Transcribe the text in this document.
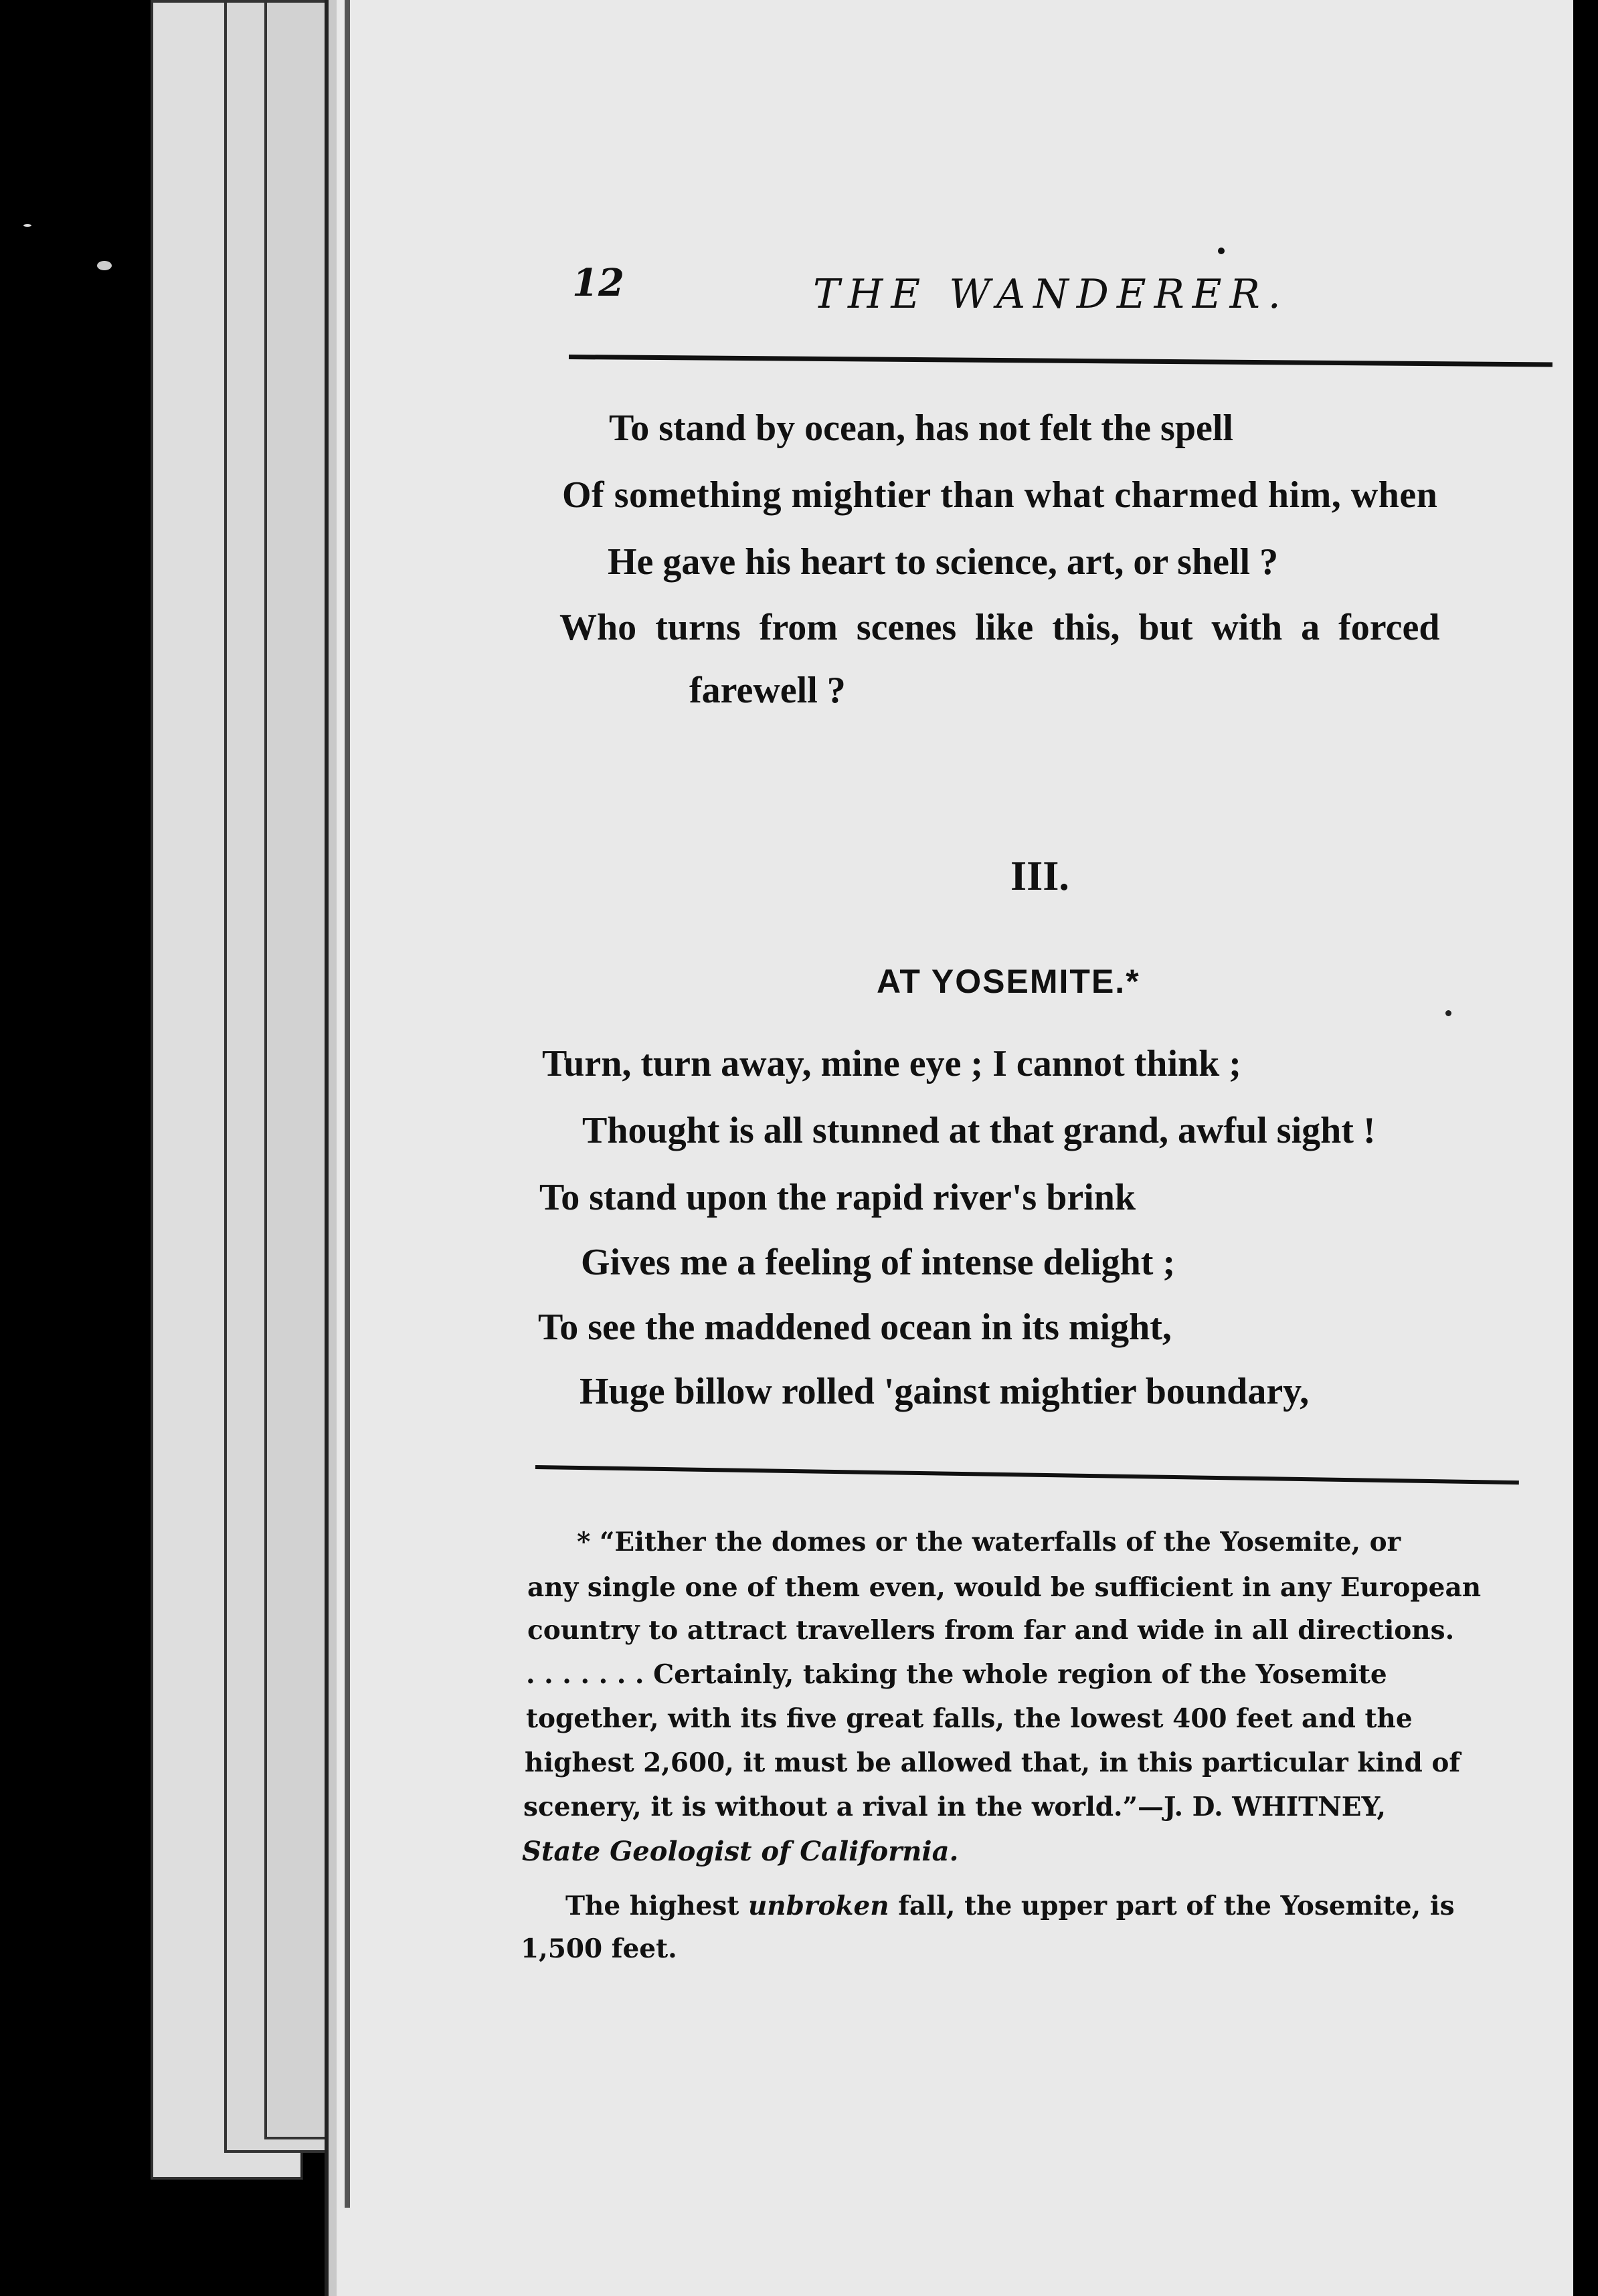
12	THE WANDERER.
To stand by ocean, has not felt the spell
Of something mightier than what charmed him, when
He gave his heart to science, art, or shell ?
Who turns from scenes like this, but with a forced
farewell ?
III.
AT YOSEMITE.*
Turn, turn away, mine eye ; I cannot think ;
Thought is all stunned at that grand, awful sight !
To stand upon the rapid river's brink
Gives me a feeling of intense delight ;
To see the maddened ocean in its might,
Huge billow rolled 'gainst mightier boundary,
* “Either the domes or the waterfalls of the Yosemite, or
any single one of them even, would be sufficient in any European
country to attract travellers from far and wide in all directions.
. . . . . . . Certainly, taking the whole region of the Yosemite
together, with its five great falls, the lowest 400 feet and the
highest 2,600, it must be allowed that, in this particular kind of
scenery, it is without a rival in the world.”—J. D. WHITNEY,
State Geologist of California.
The highest unbroken fall, the upper part of the Yosemite, is
1,500 feet.
